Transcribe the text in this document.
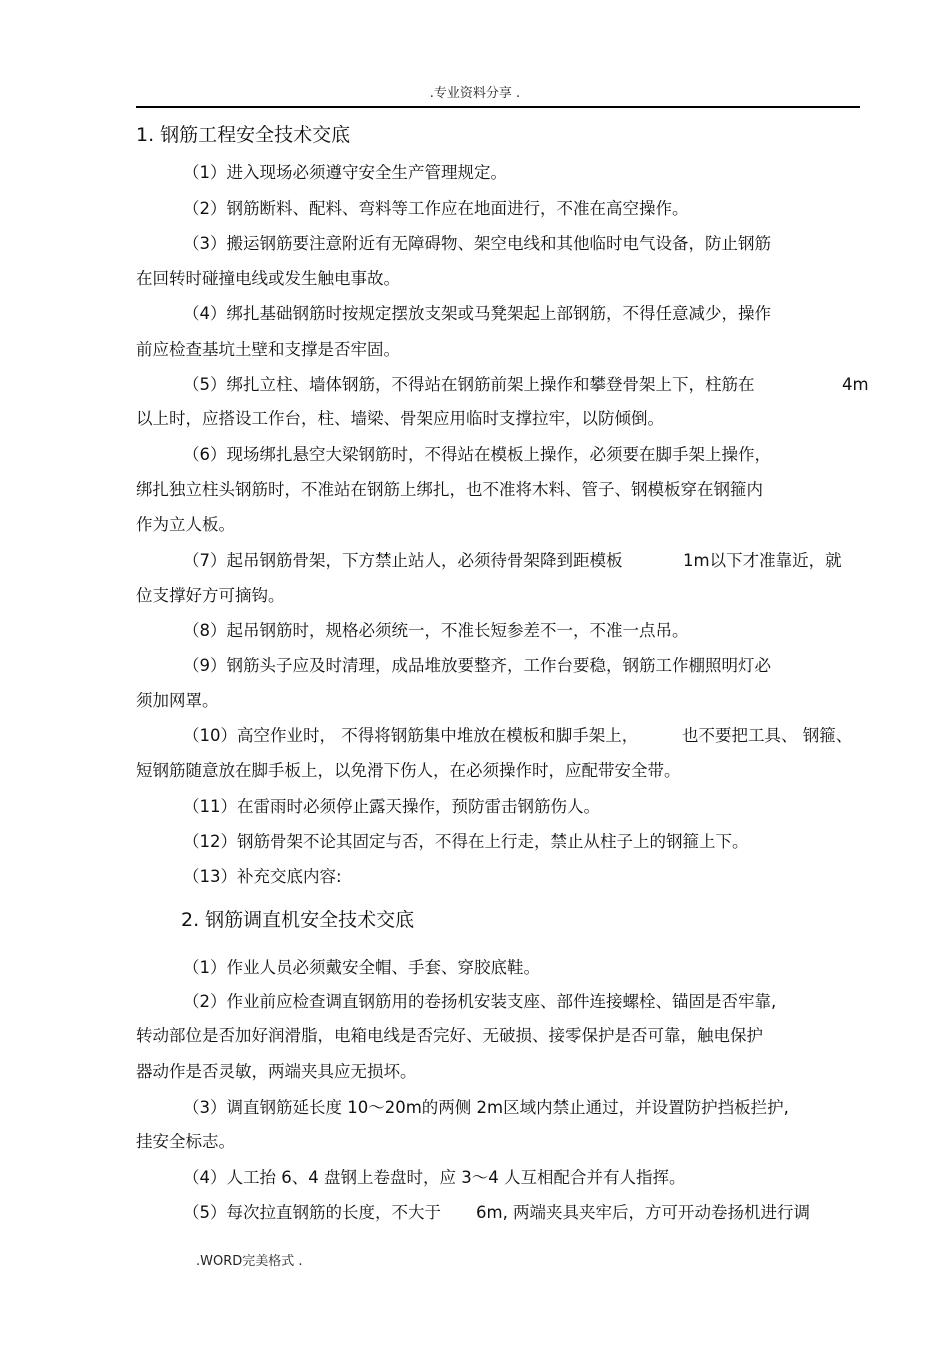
.专业资料分享 .
1. 钢筋工程安全技术交底
（1）进入现场必须遵守安全生产管理规定。
（2）钢筋断料、配料、弯料等工作应在地面进行，不准在高空操作。
（3）搬运钢筋要注意附近有无障碍物、架空电线和其他临时电气设备，防止钢筋
在回转时碰撞电线或发生触电事故。
（4）绑扎基础钢筋时按规定摆放支架或马凳架起上部钢筋，不得任意减少，操作
前应检查基坑土壁和支撑是否牢固。
（5）绑扎立柱、墙体钢筋，不得站在钢筋前架上操作和攀登骨架上下，柱筋在	4m
以上时，应搭设工作台，柱、墙梁、骨架应用临时支撑拉牢，以防倾倒。
（6）现场绑扎悬空大梁钢筋时，不得站在模板上操作，必须要在脚手架上操作，
绑扎独立柱头钢筋时，不准站在钢筋上绑扎，也不准将木料、管子、钢模板穿在钢箍内
作为立人板。
（7）起吊钢筋骨架，下方禁止站人，必须待骨架降到距模板	1m以下才准靠近，就
位支撑好方可摘钩。
（8）起吊钢筋时，规格必须统一，不准长短参差不一，不准一点吊。
（9）钢筋头子应及时清理，成品堆放要整齐，工作台要稳，钢筋工作棚照明灯必
须加网罩。
（10）高空作业时， 不得将钢筋集中堆放在模板和脚手架上，	也不要把工具、 钢箍、
短钢筋随意放在脚手板上，以免滑下伤人，在必须操作时，应配带安全带。
（11）在雷雨时必须停止露天操作，预防雷击钢筋伤人。
（12）钢筋骨架不论其固定与否，不得在上行走，禁止从柱子上的钢箍上下。
（13）补充交底内容:
2. 钢筋调直机安全技术交底
（1）作业人员必须戴安全帽、手套、穿胶底鞋。
（2）作业前应检查调直钢筋用的卷扬机安装支座、部件连接螺栓、锚固是否牢靠,
转动部位是否加好润滑脂，电箱电线是否完好、无破损、接零保护是否可靠，触电保护
器动作是否灵敏，两端夹具应无损坏。
（3）调直钢筋延长度 10～20m的两侧 2m区域内禁止通过，并设置防护挡板拦护,
挂安全标志。
（4）人工抬 6、4 盘钢上卷盘时，应 3～4 人互相配合并有人指挥。
（5）每次拉直钢筋的长度，不大于 6m, 两端夹具夹牢后，方可开动卷扬机进行调
.WORD完美格式 .
